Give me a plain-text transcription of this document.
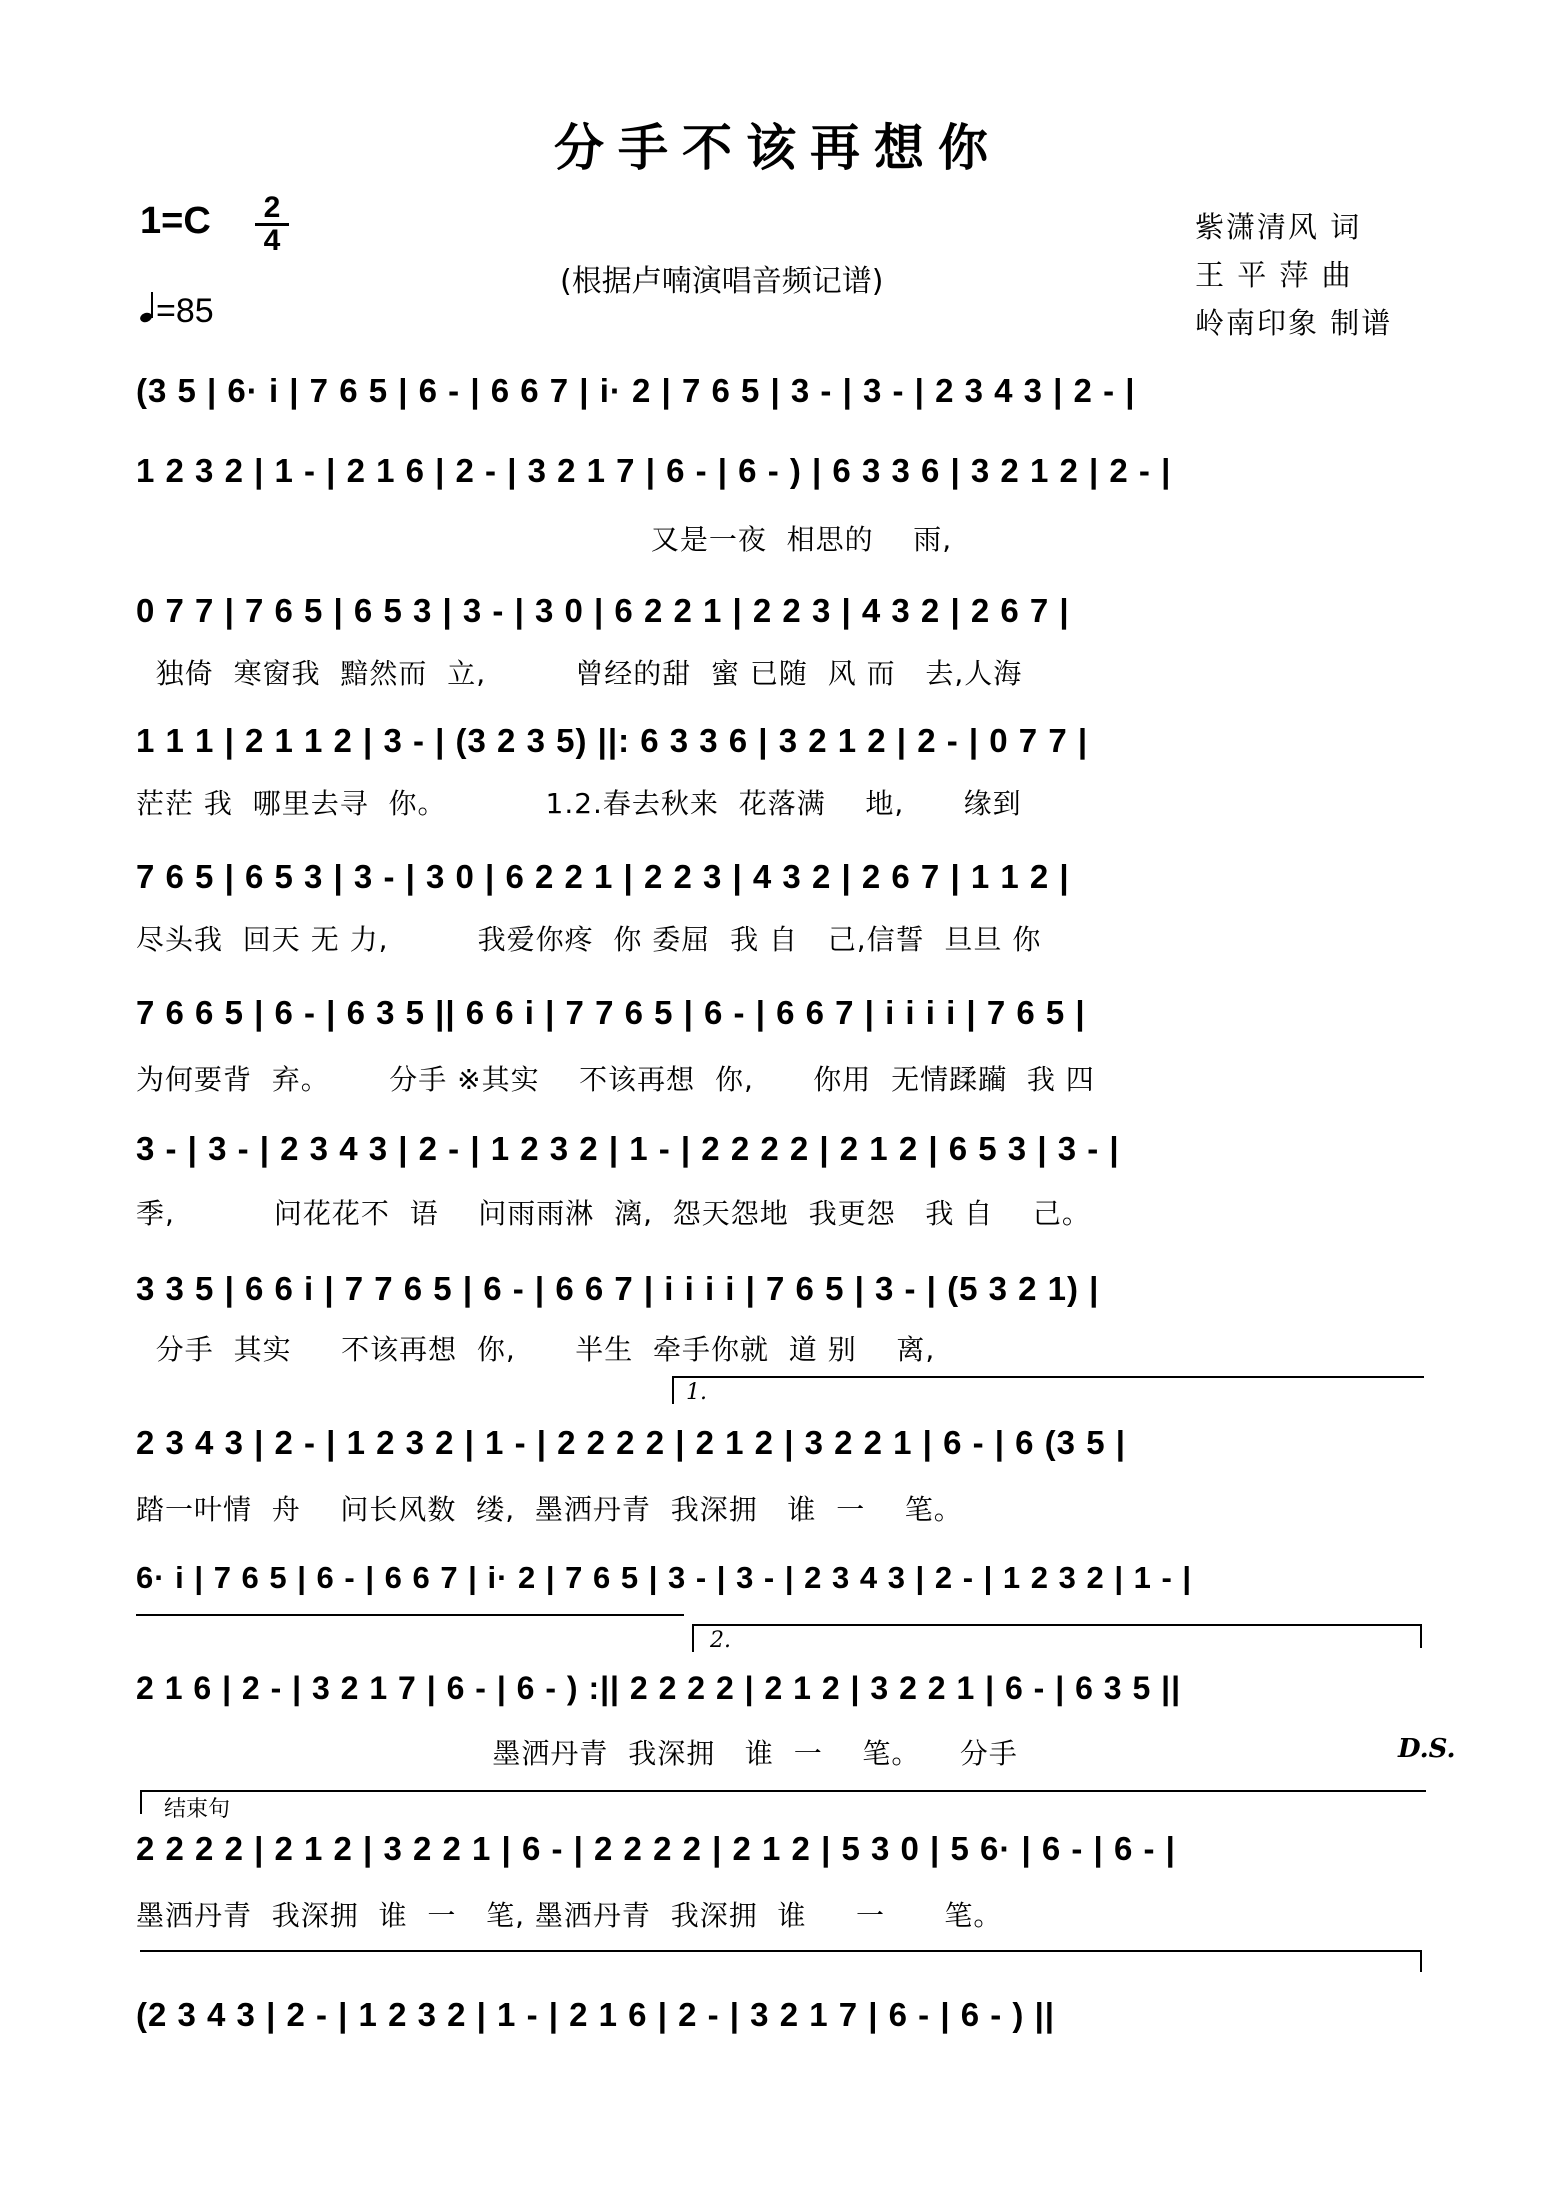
分手不该再想你
1=C 2
4
=85
(根据卢喃演唱音频记谱)
紫潇清风 词
王 平 萍 曲
岭南印象 制谱
(3 5 | 6· i | 7 6 5 | 6 - | 6 6 7 | i· 2 | 7 6 5 | 3 - | 3 - | 2 3 4 3 | 2 - |
1 2 3 2 | 1 - | 2 1 6 | 2 - | 3 2 1 7 | 6 - | 6 - ) | 6 3 3 6 | 3 2 1 2 | 2 - |
又是一夜  相思的    雨,
0 7 7 | 7 6 5 | 6 5 3 | 3 - | 3 0 | 6 2 2 1 | 2 2 3 | 4 3 2 | 2 6 7 |
独倚  寒窗我  黯然而  立,         曾经的甜  蜜 已随  风 而   去,人海
1 1 1 | 2 1 1 2 | 3 - | (3 2 3 5) ||: 6 3 3 6 | 3 2 1 2 | 2 - | 0 7 7 |
茫茫 我  哪里去寻  你。          1.2.春去秋来  花落满    地,      缘到
7 6 5 | 6 5 3 | 3 - | 3 0 | 6 2 2 1 | 2 2 3 | 4 3 2 | 2 6 7 | 1 1 2 |
尽头我  回天 无 力,         我爱你疼  你 委屈  我 自   己,信誓  旦旦 你
7 6 6 5 | 6 - | 6 3 5 || 6 6 i | 7 7 6 5 | 6 - | 6 6 7 | i i i i | 7 6 5 |
为何要背  弃。      分手 ※其实    不该再想  你,      你用  无情蹂躏  我 四
3 - | 3 - | 2 3 4 3 | 2 - | 1 2 3 2 | 1 - | 2 2 2 2 | 2 1 2 | 6 5 3 | 3 - |
季,          问花花不  语    问雨雨淋  漓,  怨天怨地  我更怨   我 自    己。
3 3 5 | 6 6 i | 7 7 6 5 | 6 - | 6 6 7 | i i i i | 7 6 5 | 3 - | (5 3 2 1) |
分手  其实     不该再想  你,      半生  牵手你就  道 别    离,
1.
2 3 4 3 | 2 - | 1 2 3 2 | 1 - | 2 2 2 2 | 2 1 2 | 3 2 2 1 | 6 - | 6 (3 5 |
踏一叶情  舟    问长风数  缕,  墨洒丹青  我深拥   谁  一    笔。
6· i | 7 6 5 | 6 - | 6 6 7 | i· 2 | 7 6 5 | 3 - | 3 - | 2 3 4 3 | 2 - | 1 2 3 2 | 1 - |
2.
2 1 6 | 2 - | 3 2 1 7 | 6 - | 6 - ) :|| 2 2 2 2 | 2 1 2 | 3 2 2 1 | 6 - | 6 3 5 ||
墨洒丹青  我深拥   谁  一    笔。    分手	D.S.
结束句
2 2 2 2 | 2 1 2 | 3 2 2 1 | 6 - | 2 2 2 2 | 2 1 2 | 5 3 0 | 5 6· | 6 - | 6 - |
墨洒丹青  我深拥  谁  一   笔, 墨洒丹青  我深拥  谁     一      笔。
(2 3 4 3 | 2 - | 1 2 3 2 | 1 - | 2 1 6 | 2 - | 3 2 1 7 | 6 - | 6 - ) ||
